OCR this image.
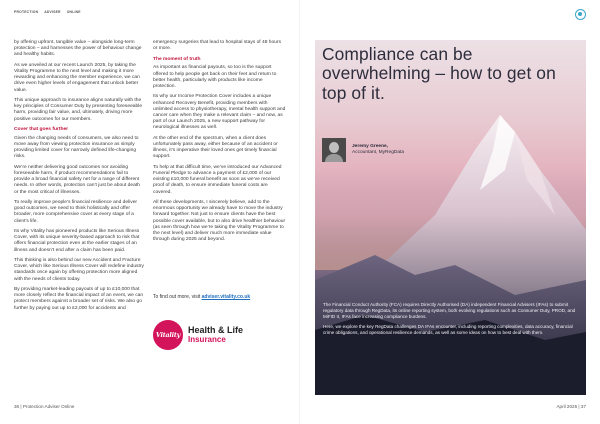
PROTECTION ADVISER ONLINE

by offering upfront, tangible value – alongside long-term protection – and harnesses the power of behaviour change and healthy habits.

As we unveiled at our recent Launch 2025, by taking the Vitality Programme to the next level and making it more rewarding and enhancing the member experience, we can drive even higher levels of engagement that unlock better value.

This unique approach to insurance aligns naturally with the key principles of Consumer Duty by presenting foreseeable harm, providing fair value, and, ultimately, driving more positive outcomes for our members.

Cover that goes further

Given the changing needs of consumers, we also need to move away from viewing protection insurance as simply providing limited cover for narrowly defined life-changing risks.

We’re neither delivering good outcomes nor avoiding foreseeable harm, if product recommendations fail to provide a broad financial safety net for a range of different needs. In other words, protection can’t just be about death or the most critical of illnesses.

To really improve people’s financial resilience and deliver good outcomes, we need to think holistically and offer broader, more comprehensive cover at every stage of a client’s life.

Its why Vitality has pioneered products like Serious Illness Cover, with its unique severity-based approach to risk that offers financial protection even at the earlier stages of an illness and doesn’t end after a claim has been paid.

This thinking is also behind our new Accident and Fracture Cover, which like Serious Illness Cover will redefine industry standards once again by offering protection more aligned with the needs of clients today.

By providing market-leading payouts of up to £10,000 that more closely reflect the financial impact of an event, we can protect members against a broader set of risks. We also go further by paying out up to £2,000 for accidents and

emergency surgeries that lead to hospital stays of 48 hours or more.

The moment of truth

As important as financial payouts, so too is the support offered to help people get back on their feet and return to better health, particularly with products like income protection.

Its why our Income Protection Cover includes a unique enhanced Recovery Benefit, providing members with unlimited access to physiotherapy, mental health support and cancer care when they make a relevant claim – and now, as part of our Launch 2025, a new support pathway for neurological illnesses as well.

At the other end of the spectrum, when a client does unfortunately pass away, either because of an accident or illness, it’s imperative their loved ones get timely financial support.

To help at that difficult time, we’ve introduced our Advanced Funeral Pledge to advance a payment of £2,000 of our existing £10,000 funeral benefit as soon as we’ve received proof of death, to ensure immediate funeral costs are covered.

All these developments, I sincerely believe, add to the enormous opportunity we already have to move the industry forward together. Not just to ensure clients have the best possible cover available, but to also drive healthier behaviour (as seen through how we’re taking the Vitality Programme to the next level) and deliver much more immediate value through during 2025 and beyond.

To find out more, visit adviser.vitality.co.uk
Vitality Health & Life
Insurance
36 | Protection Adviser Online	April 2025 | 37
Compliance can be overwhelming – how to get on top of it.
Jeremy Greene,
Accountant, MyRegData

The Financial Conduct Authority (FCA) requires Directly Authorised (DA) independent Financial Advisers (IFAs) to submit regulatory data through RegData, its online reporting system, both evolving regulations such as Consumer Duty, PROD, and MiFID II, IFAs face increasing compliance burdens.

Here, we explore the key RegData challenges DA IFAs encounter, including reporting complexities, data accuracy, financial crime obligations, and operational resilience demands, as well as some ideas on how to best deal with them.
